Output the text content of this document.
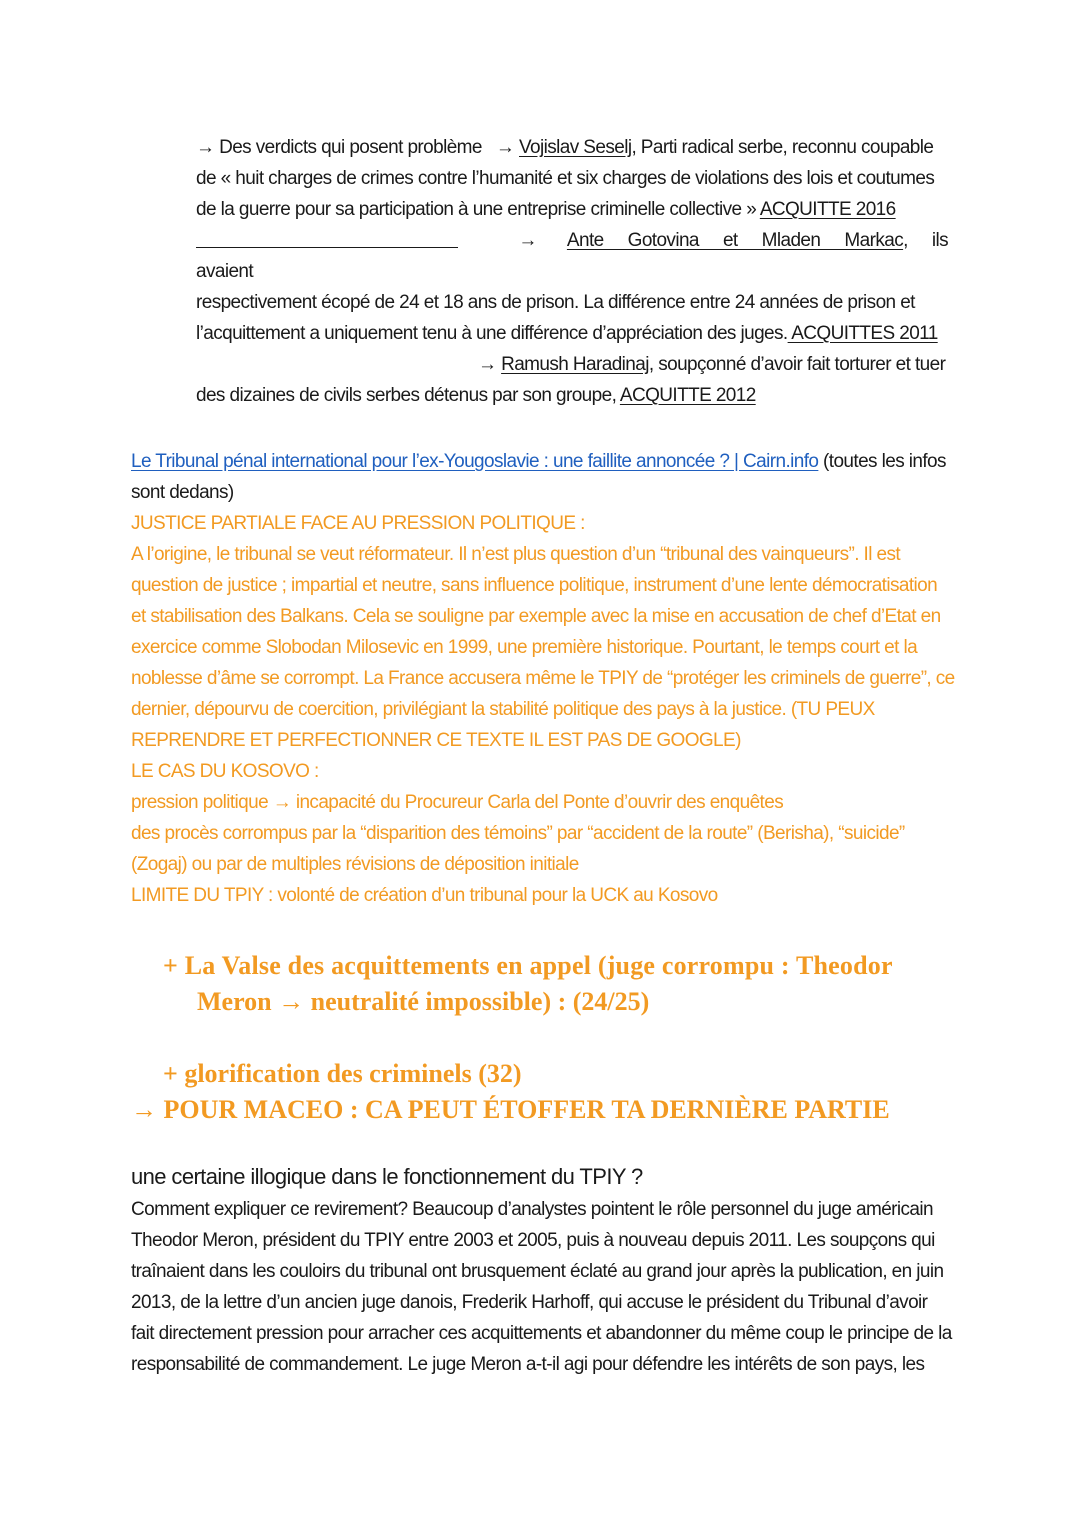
→ Des verdicts qui posent problème → Vojislav Seselj, Parti radical serbe, reconnu coupable
de « huit charges de crimes contre l’humanité et six charges de violations des lois et coutumes
de la guerre pour sa participation à une entreprise criminelle collective » ACQUITTE 2016
→ Ante Gotovina et Mladen Markac, ils avaient
respectivement écopé de 24 et 18 ans de prison. La différence entre 24 années de prison et
l’acquittement a uniquement tenu à une différence d’appréciation des juges. ACQUITTES 2011
→ Ramush Haradinaj, soupçonné d’avoir fait torturer et tuer
des dizaines de civils serbes détenus par son groupe, ACQUITTE 2012
Le Tribunal pénal international pour l’ex-Yougoslavie : une faillite annoncée ? | Cairn.info (toutes les infos
sont dedans)
JUSTICE PARTIALE FACE AU PRESSION POLITIQUE :
A l’origine, le tribunal se veut réformateur. Il n’est plus question d’un “tribunal des vainqueurs”. Il est
question de justice ; impartial et neutre, sans influence politique, instrument d’une lente démocratisation
et stabilisation des Balkans. Cela se souligne par exemple avec la mise en accusation de chef d’Etat en
exercice comme Slobodan Milosevic en 1999, une première historique. Pourtant, le temps court et la
noblesse d’âme se corrompt. La France accusera même le TPIY de “protéger les criminels de guerre”, ce
dernier, dépourvu de coercition, privilégiant la stabilité politique des pays à la justice. (TU PEUX
REPRENDRE ET PERFECTIONNER CE TEXTE IL EST PAS DE GOOGLE)
LE CAS DU KOSOVO :
pression politique → incapacité du Procureur Carla del Ponte d’ouvrir des enquêtes
des procès corrompus par la “disparition des témoins” par “accident de la route” (Berisha), “suicide”
(Zogaj) ou par de multiples révisions de déposition initiale
LIMITE DU TPIY : volonté de création d’un tribunal pour la UCK au Kosovo
+ La Valse des acquittements en appel (juge corrompu : Theodor
Meron → neutralité impossible) : (24/25)
+ glorification des criminels (32)
→ POUR MACEO : CA PEUT ÉTOFFER TA DERNIÈRE PARTIE
une certaine illogique dans le fonctionnement du TPIY ?
Comment expliquer ce revirement? Beaucoup d’analystes pointent le rôle personnel du juge américain
Theodor Meron, président du TPIY entre 2003 et 2005, puis à nouveau depuis 2011. Les soupçons qui
traînaient dans les couloirs du tribunal ont brusquement éclaté au grand jour après la publication, en juin
2013, de la lettre d’un ancien juge danois, Frederik Harhoff, qui accuse le président du Tribunal d’avoir
fait directement pression pour arracher ces acquittements et abandonner du même coup le principe de la
responsabilité de commandement. Le juge Meron a-t-il agi pour défendre les intérêts de son pays, les
